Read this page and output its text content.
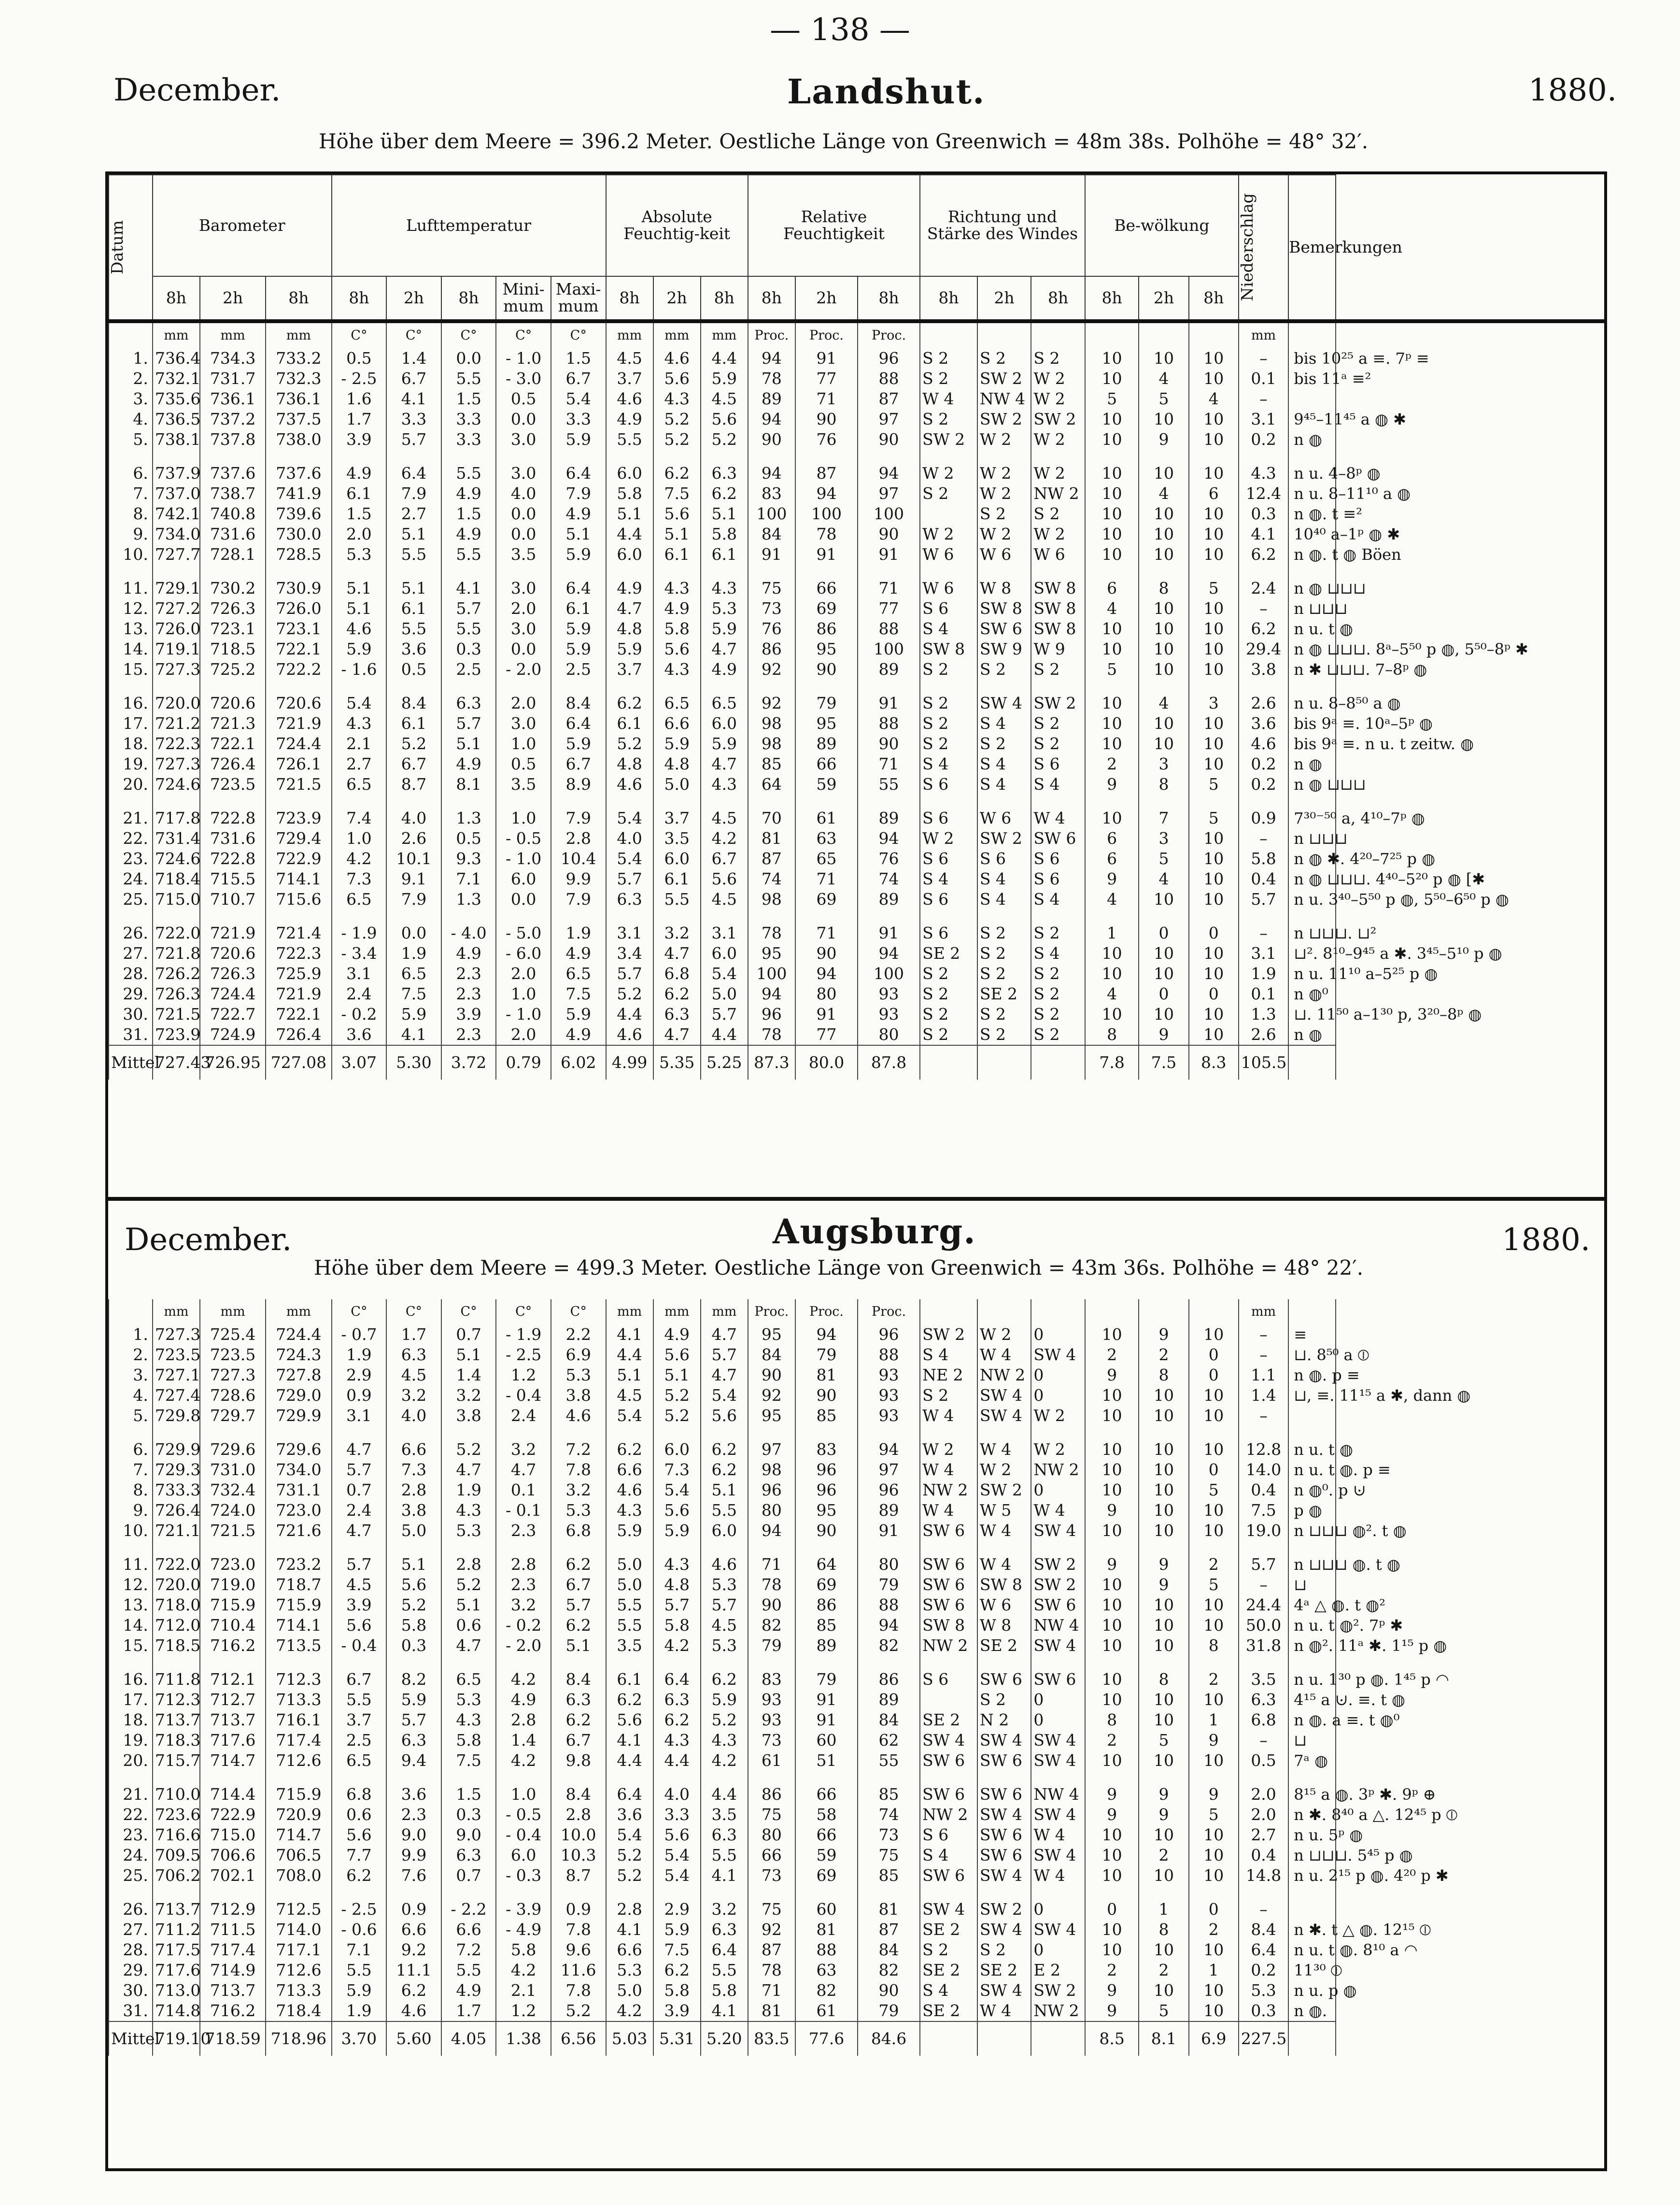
— 138 —
December.	Landshut.	1880.
Höhe über dem Meere = 396.2 Meter. Oestliche Länge von Greenwich = 48m 38s. Polhöhe = 48° 32′.
Datum	Barometer			Lufttemperatur					Absolute Feuchtig-keit			Relative Feuchtigkeit			Richtung und Stärke des Windes			Be-wölkung			Niederschlag	Bemerkungen
	8h	2h	8h	8h	2h	8h	Mini-mum	Maxi-mum	8h	2h	8h	8h	2h	8h	8h	2h	8h	8h	2h	8h		
	mm	mm	mm	C°	C°	C°	C°	C°	mm	mm	mm	Proc.	Proc.	Proc.							mm	
1.	736.4	734.3	733.2	0.5	1.4	0.0	- 1.0	1.5	4.5	4.6	4.4	94	91	96	S 2	S 2	S 2	10	10	10	–	bis 10²⁵ a ≡. 7ᵖ ≡
2.	732.1	731.7	732.3	- 2.5	6.7	5.5	- 3.0	6.7	3.7	5.6	5.9	78	77	88	S 2	SW 2	W 2	10	4	10	0.1	bis 11ᵃ ≡²
3.	735.6	736.1	736.1	1.6	4.1	1.5	0.5	5.4	4.6	4.3	4.5	89	71	87	W 4	NW 4	W 2	5	5	4	–	
4.	736.5	737.2	737.5	1.7	3.3	3.3	0.0	3.3	4.9	5.2	5.6	94	90	97	S 2	SW 2	SW 2	10	10	10	3.1	9⁴⁵–11⁴⁵ a ◍ ✱
5.	738.1	737.8	738.0	3.9	5.7	3.3	3.0	5.9	5.5	5.2	5.2	90	76	90	SW 2	W 2	W 2	10	9	10	0.2	n ◍
6.	737.9	737.6	737.6	4.9	6.4	5.5	3.0	6.4	6.0	6.2	6.3	94	87	94	W 2	W 2	W 2	10	10	10	4.3	n u. 4–8ᵖ ◍
7.	737.0	738.7	741.9	6.1	7.9	4.9	4.0	7.9	5.8	7.5	6.2	83	94	97	S 2	W 2	NW 2	10	4	6	12.4	n u. 8–11¹⁰ a ◍
8.	742.1	740.8	739.6	1.5	2.7	1.5	0.0	4.9	5.1	5.6	5.1	100	100	100		S 2	S 2	10	10	10	0.3	n ◍. t ≡²
9.	734.0	731.6	730.0	2.0	5.1	4.9	0.0	5.1	4.4	5.1	5.8	84	78	90	W 2	W 2	W 2	10	10	10	4.1	10⁴⁰ a–1ᵖ ◍ ✱
10.	727.7	728.1	728.5	5.3	5.5	5.5	3.5	5.9	6.0	6.1	6.1	91	91	91	W 6	W 6	W 6	10	10	10	6.2	n ◍. t ◍ Böen
11.	729.1	730.2	730.9	5.1	5.1	4.1	3.0	6.4	4.9	4.3	4.3	75	66	71	W 6	W 8	SW 8	6	8	5	2.4	n ◍ ⊔⊔⊔
12.	727.2	726.3	726.0	5.1	6.1	5.7	2.0	6.1	4.7	4.9	5.3	73	69	77	S 6	SW 8	SW 8	4	10	10	–	n ⊔⊔⊔
13.	726.0	723.1	723.1	4.6	5.5	5.5	3.0	5.9	4.8	5.8	5.9	76	86	88	S 4	SW 6	SW 8	10	10	10	6.2	n u. t ◍
14.	719.1	718.5	722.1	5.9	3.6	0.3	0.0	5.9	5.9	5.6	4.7	86	95	100	SW 8	SW 9	W 9	10	10	10	29.4	n ◍ ⊔⊔⊔. 8ᵃ–5⁵⁰ p ◍, 5⁵⁰–8ᵖ ✱
15.	727.3	725.2	722.2	- 1.6	0.5	2.5	- 2.0	2.5	3.7	4.3	4.9	92	90	89	S 2	S 2	S 2	5	10	10	3.8	n ✱ ⊔⊔⊔. 7–8ᵖ ◍
16.	720.0	720.6	720.6	5.4	8.4	6.3	2.0	8.4	6.2	6.5	6.5	92	79	91	S 2	SW 4	SW 2	10	4	3	2.6	n u. 8–8⁵⁰ a ◍
17.	721.2	721.3	721.9	4.3	6.1	5.7	3.0	6.4	6.1	6.6	6.0	98	95	88	S 2	S 4	S 2	10	10	10	3.6	bis 9ᵃ ≡. 10ᵃ–5ᵖ ◍
18.	722.3	722.1	724.4	2.1	5.2	5.1	1.0	5.9	5.2	5.9	5.9	98	89	90	S 2	S 2	S 2	10	10	10	4.6	bis 9ᵃ ≡. n u. t zeitw. ◍
19.	727.3	726.4	726.1	2.7	6.7	4.9	0.5	6.7	4.8	4.8	4.7	85	66	71	S 4	S 4	S 6	2	3	10	0.2	n ◍
20.	724.6	723.5	721.5	6.5	8.7	8.1	3.5	8.9	4.6	5.0	4.3	64	59	55	S 6	S 4	S 4	9	8	5	0.2	n ◍ ⊔⊔⊔
21.	717.8	722.8	723.9	7.4	4.0	1.3	1.0	7.9	5.4	3.7	4.5	70	61	89	S 6	W 6	W 4	10	7	5	0.9	7³⁰⁻⁵⁰ a, 4¹⁰–7ᵖ ◍
22.	731.4	731.6	729.4	1.0	2.6	0.5	- 0.5	2.8	4.0	3.5	4.2	81	63	94	W 2	SW 2	SW 6	6	3	10	–	n ⊔⊔⊔
23.	724.6	722.8	722.9	4.2	10.1	9.3	- 1.0	10.4	5.4	6.0	6.7	87	65	76	S 6	S 6	S 6	6	5	10	5.8	n ◍ ✱. 4²⁰–7²⁵ p ◍
24.	718.4	715.5	714.1	7.3	9.1	7.1	6.0	9.9	5.7	6.1	5.6	74	71	74	S 4	S 4	S 6	9	4	10	0.4	n ◍ ⊔⊔⊔. 4⁴⁰–5²⁰ p ◍ [✱
25.	715.0	710.7	715.6	6.5	7.9	1.3	0.0	7.9	6.3	5.5	4.5	98	69	89	S 6	S 4	S 4	4	10	10	5.7	n u. 3⁴⁰–5⁵⁰ p ◍, 5⁵⁰–6⁵⁰ p ◍
26.	722.0	721.9	721.4	- 1.9	0.0	- 4.0	- 5.0	1.9	3.1	3.2	3.1	78	71	91	S 6	S 2	S 2	1	0	0	–	n ⊔⊔⊔. ⊔²
27.	721.8	720.6	722.3	- 3.4	1.9	4.9	- 6.0	4.9	3.4	4.7	6.0	95	90	94	SE 2	S 2	S 4	10	10	10	3.1	⊔². 8¹⁰–9⁴⁵ a ✱. 3⁴⁵–5¹⁰ p ◍
28.	726.2	726.3	725.9	3.1	6.5	2.3	2.0	6.5	5.7	6.8	5.4	100	94	100	S 2	S 2	S 2	10	10	10	1.9	n u. 11¹⁰ a–5²⁵ p ◍
29.	726.3	724.4	721.9	2.4	7.5	2.3	1.0	7.5	5.2	6.2	5.0	94	80	93	S 2	SE 2	S 2	4	0	0	0.1	n ◍⁰
30.	721.5	722.7	722.1	- 0.2	5.9	3.9	- 1.0	5.9	4.4	6.3	5.7	96	91	93	S 2	S 2	S 2	10	10	10	1.3	⊔. 11⁵⁰ a–1³⁰ p, 3²⁰–8ᵖ ◍
31.	723.9	724.9	726.4	3.6	4.1	2.3	2.0	4.9	4.6	4.7	4.4	78	77	80	S 2	S 2	S 2	8	9	10	2.6	n ◍
Mittel	727.43	726.95	727.08	3.07	5.30	3.72	0.79	6.02	4.99	5.35	5.25	87.3	80.0	87.8				7.8	7.5	8.3	105.5	
December.	Augsburg.	1880.
Höhe über dem Meere = 499.3 Meter. Oestliche Länge von Greenwich = 43m 36s. Polhöhe = 48° 22′.
	mm	mm	mm	C°	C°	C°	C°	C°	mm	mm	mm	Proc.	Proc.	Proc.							mm	
1.	727.3	725.4	724.4	- 0.7	1.7	0.7	- 1.9	2.2	4.1	4.9	4.7	95	94	96	SW 2	W 2	0	10	9	10	–	≡
2.	723.5	723.5	724.3	1.9	6.3	5.1	- 2.5	6.9	4.4	5.6	5.7	84	79	88	S 4	W 4	SW 4	2	2	0	–	⊔. 8⁵⁰ a ⦶
3.	727.1	727.3	727.8	2.9	4.5	1.4	1.2	5.3	5.1	5.1	4.7	90	81	93	NE 2	NW 2	0	9	8	0	1.1	n ◍. p ≡
4.	727.4	728.6	729.0	0.9	3.2	3.2	- 0.4	3.8	4.5	5.2	5.4	92	90	93	S 2	SW 4	0	10	10	10	1.4	⊔, ≡. 11¹⁵ a ✱, dann ◍
5.	729.8	729.7	729.9	3.1	4.0	3.8	2.4	4.6	5.4	5.2	5.6	95	85	93	W 4	SW 4	W 2	10	10	10	–	
6.	729.9	729.6	729.6	4.7	6.6	5.2	3.2	7.2	6.2	6.0	6.2	97	83	94	W 2	W 4	W 2	10	10	10	12.8	n u. t ◍
7.	729.3	731.0	734.0	5.7	7.3	4.7	4.7	7.8	6.6	7.3	6.2	98	96	97	W 4	W 2	NW 2	10	10	0	14.0	n u. t ◍. p ≡
8.	733.3	732.4	731.1	0.7	2.8	1.9	0.1	3.2	4.6	5.4	5.1	96	96	96	NW 2	SW 2	0	10	10	5	0.4	n ◍⁰. p ⊍
9.	726.4	724.0	723.0	2.4	3.8	4.3	- 0.1	5.3	4.3	5.6	5.5	80	95	89	W 4	W 5	W 4	9	10	10	7.5	p ◍
10.	721.1	721.5	721.6	4.7	5.0	5.3	2.3	6.8	5.9	5.9	6.0	94	90	91	SW 6	W 4	SW 4	10	10	10	19.0	n ⊔⊔⊔ ◍². t ◍
11.	722.0	723.0	723.2	5.7	5.1	2.8	2.8	6.2	5.0	4.3	4.6	71	64	80	SW 6	W 4	SW 2	9	9	2	5.7	n ⊔⊔⊔ ◍. t ◍
12.	720.0	719.0	718.7	4.5	5.6	5.2	2.3	6.7	5.0	4.8	5.3	78	69	79	SW 6	SW 8	SW 2	10	9	5	–	⊔
13.	718.0	715.9	715.9	3.9	5.2	5.1	3.2	5.7	5.5	5.7	5.7	90	86	88	SW 6	W 6	SW 6	10	10	10	24.4	4ᵃ △ ◍. t ◍²
14.	712.0	710.4	714.1	5.6	5.8	0.6	- 0.2	6.2	5.5	5.8	4.5	82	85	94	SW 8	W 8	NW 4	10	10	10	50.0	n u. t ◍². 7ᵖ ✱
15.	718.5	716.2	713.5	- 0.4	0.3	4.7	- 2.0	5.1	3.5	4.2	5.3	79	89	82	NW 2	SE 2	SW 4	10	10	8	31.8	n ◍². 11ᵃ ✱. 1¹⁵ p ◍
16.	711.8	712.1	712.3	6.7	8.2	6.5	4.2	8.4	6.1	6.4	6.2	83	79	86	S 6	SW 6	SW 6	10	8	2	3.5	n u. 1³⁰ p ◍. 1⁴⁵ p ◠
17.	712.3	712.7	713.3	5.5	5.9	5.3	4.9	6.3	6.2	6.3	5.9	93	91	89		S 2	0	10	10	10	6.3	4¹⁵ a ⊍. ≡. t ◍
18.	713.7	713.7	716.1	3.7	5.7	4.3	2.8	6.2	5.6	6.2	5.2	93	91	84	SE 2	N 2	0	8	10	1	6.8	n ◍. a ≡. t ◍⁰
19.	718.3	717.6	717.4	2.5	6.3	5.8	1.4	6.7	4.1	4.3	4.3	73	60	62	SW 4	SW 4	SW 4	2	5	9	–	⊔
20.	715.7	714.7	712.6	6.5	9.4	7.5	4.2	9.8	4.4	4.4	4.2	61	51	55	SW 6	SW 6	SW 4	10	10	10	0.5	7ᵃ ◍
21.	710.0	714.4	715.9	6.8	3.6	1.5	1.0	8.4	6.4	4.0	4.4	86	66	85	SW 6	SW 6	NW 4	9	9	9	2.0	8¹⁵ a ◍. 3ᵖ ✱. 9ᵖ ⊕
22.	723.6	722.9	720.9	0.6	2.3	0.3	- 0.5	2.8	3.6	3.3	3.5	75	58	74	NW 2	SW 4	SW 4	9	9	5	2.0	n ✱. 8⁴⁰ a △. 12⁴⁵ p ⦶
23.	716.6	715.0	714.7	5.6	9.0	9.0	- 0.4	10.0	5.4	5.6	6.3	80	66	73	S 6	SW 6	W 4	10	10	10	2.7	n u. 5ᵖ ◍
24.	709.5	706.6	706.5	7.7	9.9	6.3	6.0	10.3	5.2	5.4	5.5	66	59	75	S 4	SW 6	SW 4	10	2	10	0.4	n ⊔⊔⊔. 5⁴⁵ p ◍
25.	706.2	702.1	708.0	6.2	7.6	0.7	- 0.3	8.7	5.2	5.4	4.1	73	69	85	SW 6	SW 4	W 4	10	10	10	14.8	n u. 2¹⁵ p ◍. 4²⁰ p ✱
26.	713.7	712.9	712.5	- 2.5	0.9	- 2.2	- 3.9	0.9	2.8	2.9	3.2	75	60	81	SW 4	SW 2	0	0	1	0	–	
27.	711.2	711.5	714.0	- 0.6	6.6	6.6	- 4.9	7.8	4.1	5.9	6.3	92	81	87	SE 2	SW 4	SW 4	10	8	2	8.4	n ✱. t △ ◍. 12¹⁵ ⦶
28.	717.5	717.4	717.1	7.1	9.2	7.2	5.8	9.6	6.6	7.5	6.4	87	88	84	S 2	S 2	0	10	10	10	6.4	n u. t ◍. 8¹⁰ a ◠
29.	717.6	714.9	712.6	5.5	11.1	5.5	4.2	11.6	5.3	6.2	5.5	78	63	82	SE 2	SE 2	E 2	2	2	1	0.2	11³⁰ ⦶
30.	713.0	713.7	713.3	5.9	6.2	4.9	2.1	7.8	5.0	5.8	5.8	71	82	90	S 4	SW 4	SW 2	9	10	10	5.3	n u. p ◍
31.	714.8	716.2	718.4	1.9	4.6	1.7	1.2	5.2	4.2	3.9	4.1	81	61	79	SE 2	W 4	NW 2	9	5	10	0.3	n ◍.
Mittel	719.10	718.59	718.96	3.70	5.60	4.05	1.38	6.56	5.03	5.31	5.20	83.5	77.6	84.6				8.5	8.1	6.9	227.5	
